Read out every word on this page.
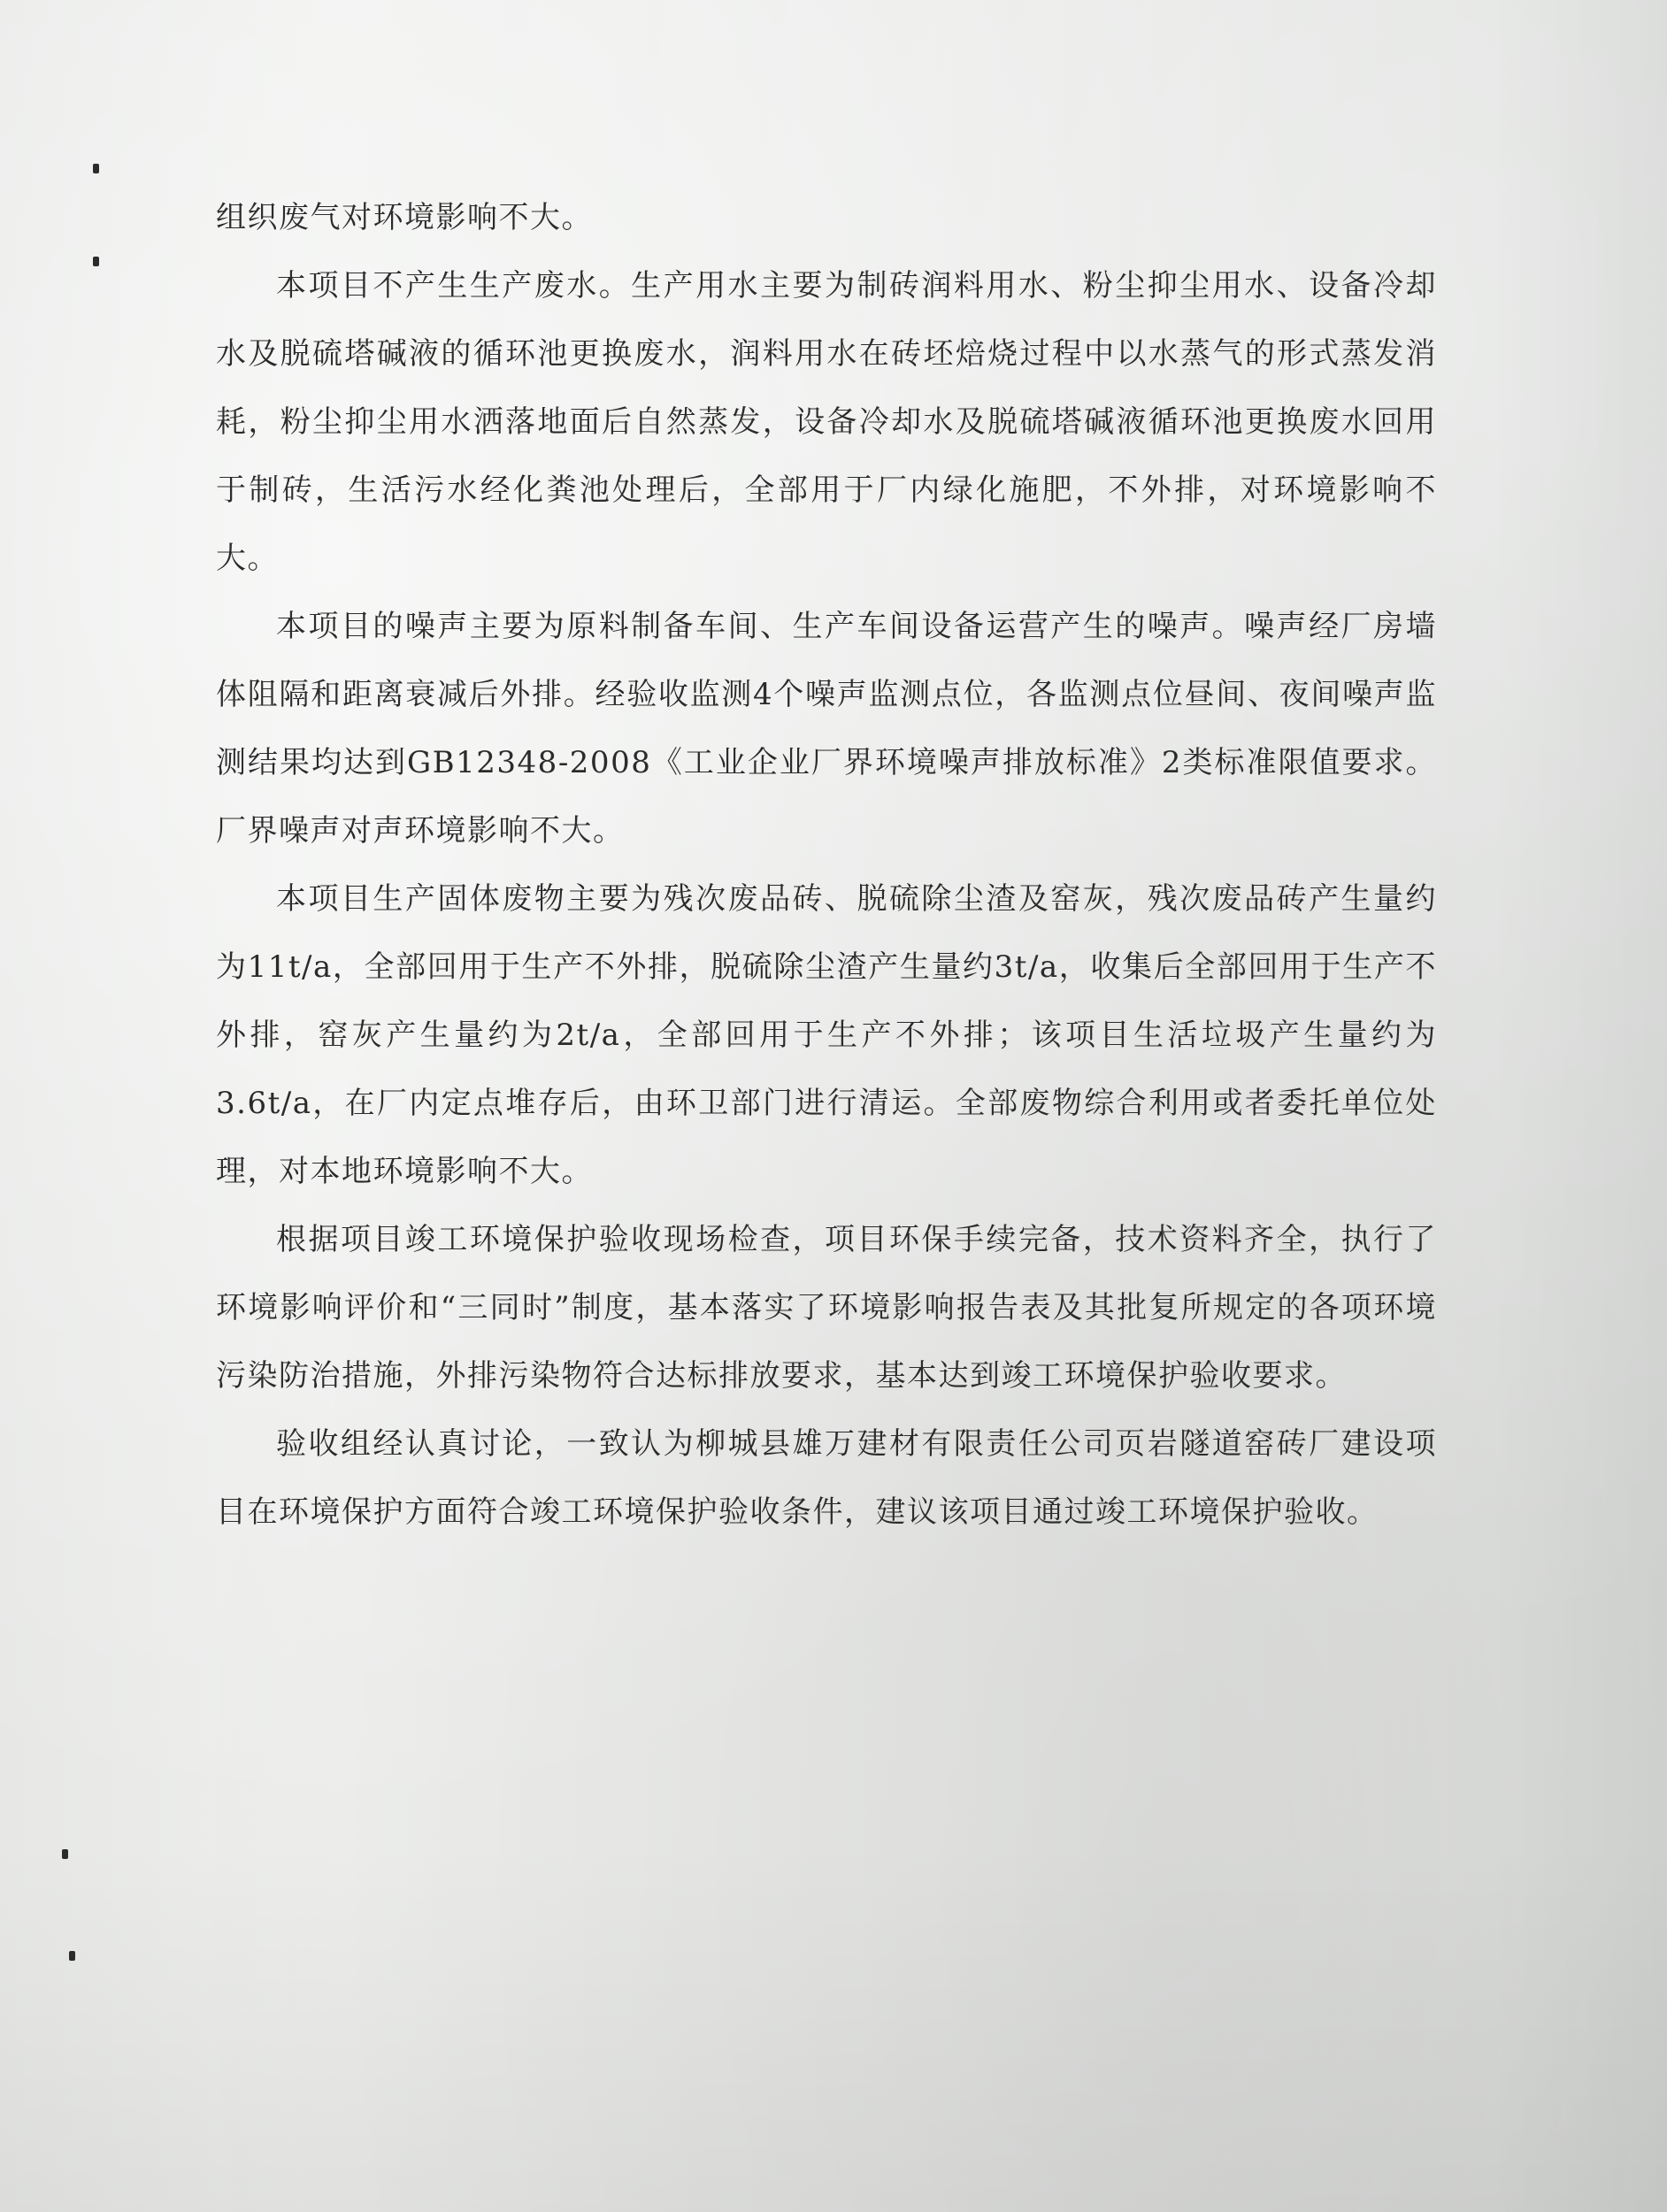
组织废气对环境影响不大。

本项目不产生生产废水。生产用水主要为制砖润料用水、粉尘抑尘用水、设备冷却水及脱硫塔碱液的循环池更换废水，润料用水在砖坯焙烧过程中以水蒸气的形式蒸发消耗，粉尘抑尘用水洒落地面后自然蒸发，设备冷却水及脱硫塔碱液循环池更换废水回用于制砖，生活污水经化粪池处理后，全部用于厂内绿化施肥，不外排，对环境影响不大。

本项目的噪声主要为原料制备车间、生产车间设备运营产生的噪声。噪声经厂房墙体阻隔和距离衰减后外排。经验收监测4个噪声监测点位，各监测点位昼间、夜间噪声监测结果均达到GB12348-2008《工业企业厂界环境噪声排放标准》2类标准限值要求。厂界噪声对声环境影响不大。

本项目生产固体废物主要为残次废品砖、脱硫除尘渣及窑灰，残次废品砖产生量约为11t/a，全部回用于生产不外排，脱硫除尘渣产生量约3t/a，收集后全部回用于生产不外排，窑灰产生量约为2t/a，全部回用于生产不外排；该项目生活垃圾产生量约为3.6t/a，在厂内定点堆存后，由环卫部门进行清运。全部废物综合利用或者委托单位处理，对本地环境影响不大。

根据项目竣工环境保护验收现场检查，项目环保手续完备，技术资料齐全，执行了环境影响评价和“三同时”制度，基本落实了环境影响报告表及其批复所规定的各项环境污染防治措施，外排污染物符合达标排放要求，基本达到竣工环境保护验收要求。

验收组经认真讨论，一致认为柳城县雄万建材有限责任公司页岩隧道窑砖厂建设项目在环境保护方面符合竣工环境保护验收条件，建议该项目通过竣工环境保护验收。
